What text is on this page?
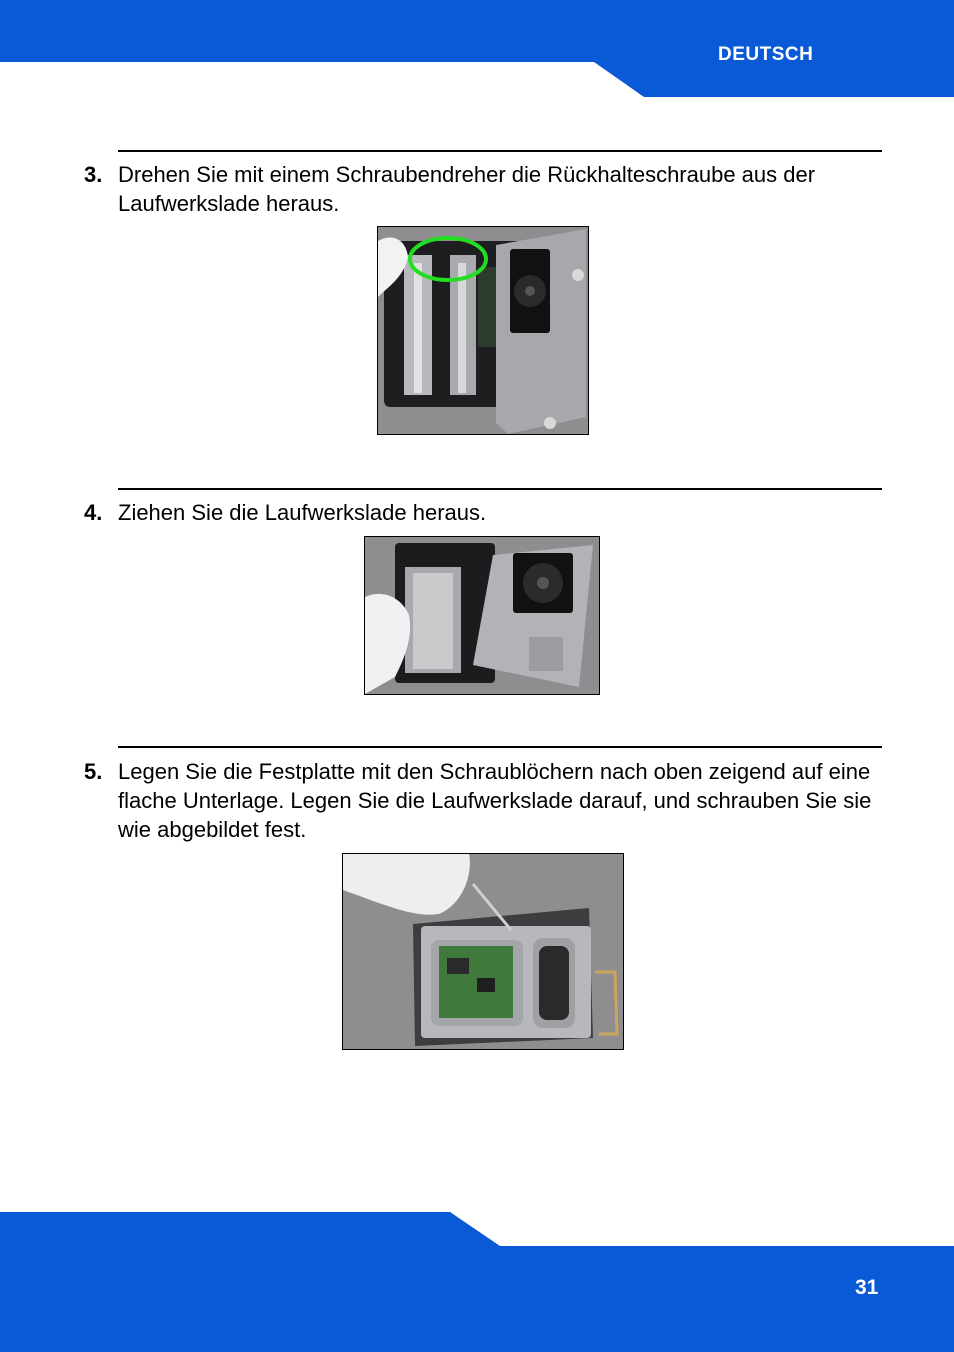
DEUTSCH
3. Drehen Sie mit einem Schraubendreher die Rückhalteschraube aus der Laufwerkslade heraus.
4. Ziehen Sie die Laufwerkslade heraus.
5. Legen Sie die Festplatte mit den Schraublöchern nach oben zeigend auf eine flache Unterlage. Legen Sie die Laufwerkslade darauf, und schrauben Sie sie wie abgebildet fest.
31
